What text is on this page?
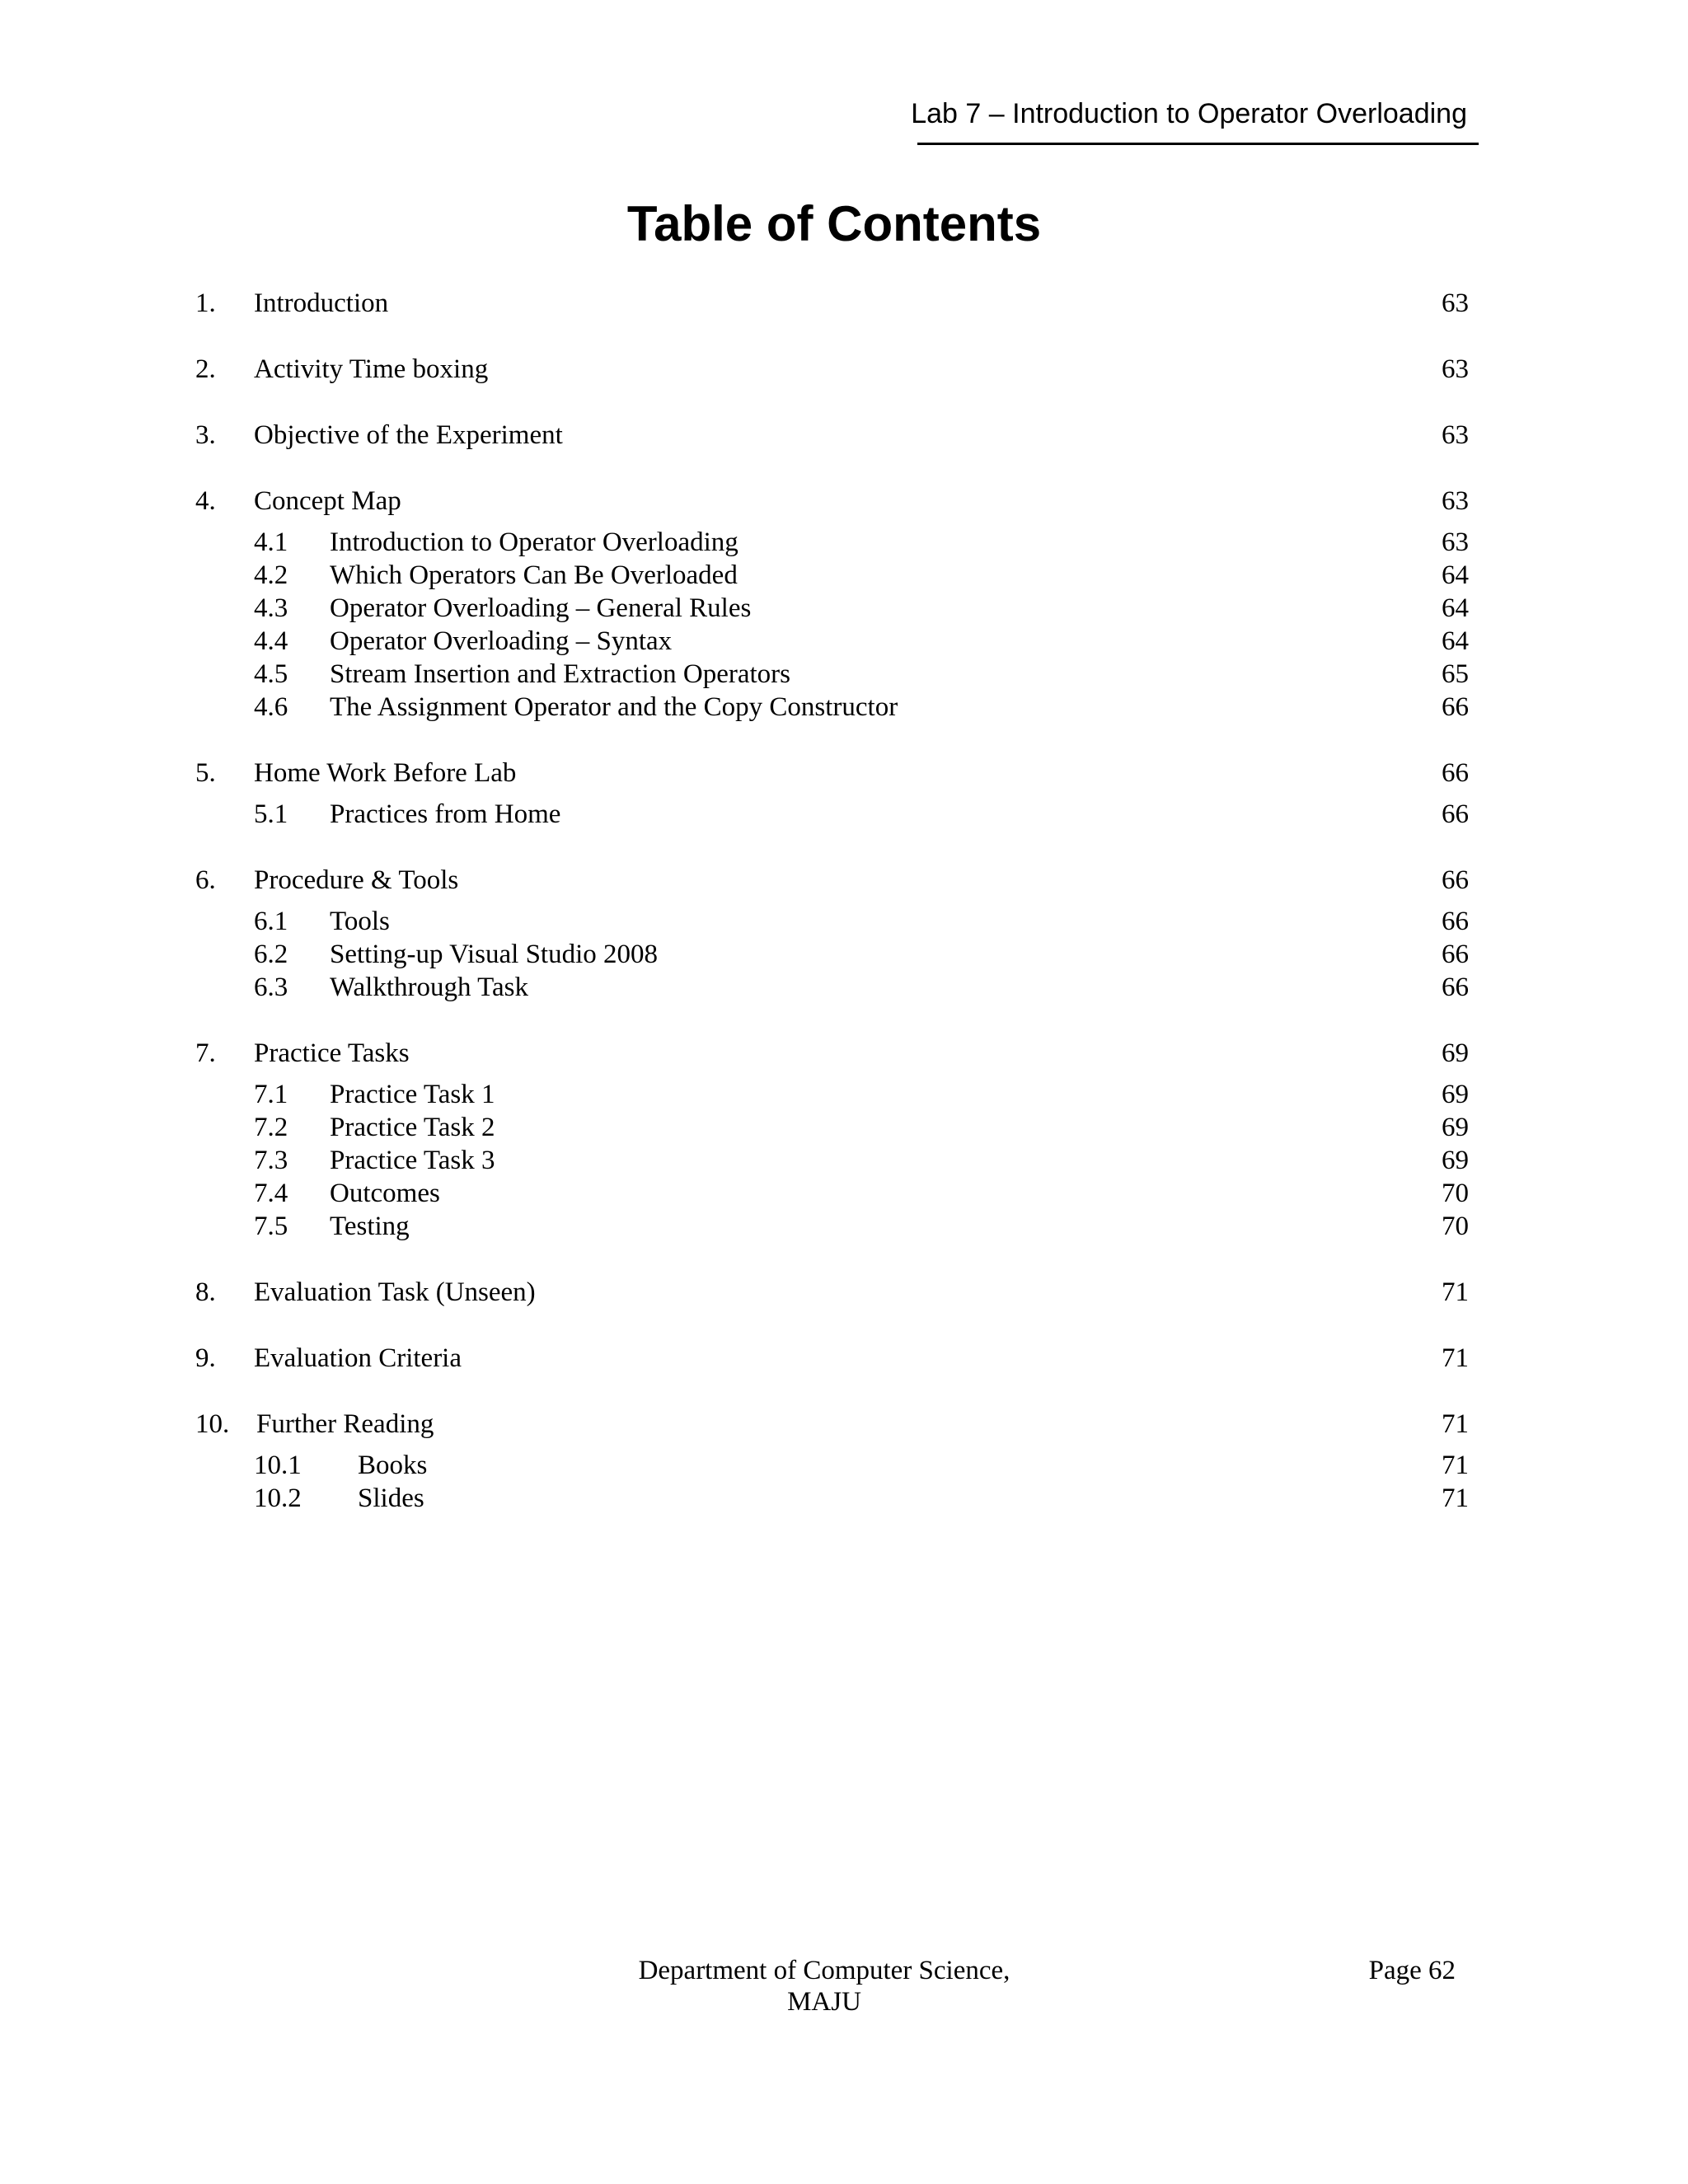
Lab 7 – Introduction to Operator Overloading
Table of Contents
1. Introduction	63
2. Activity Time boxing	63
3. Objective of the Experiment	63
4. Concept Map	63
4.1 Introduction to Operator Overloading	63
4.2 Which Operators Can Be Overloaded	64
4.3 Operator Overloading – General Rules	64
4.4 Operator Overloading – Syntax	64
4.5 Stream Insertion and Extraction Operators	65
4.6 The Assignment Operator and the Copy Constructor	66
5. Home Work Before Lab	66
5.1 Practices from Home	66
6. Procedure & Tools	66
6.1 Tools	66
6.2 Setting-up Visual Studio 2008	66
6.3 Walkthrough Task	66
7. Practice Tasks	69
7.1 Practice Task 1	69
7.2 Practice Task 2	69
7.3 Practice Task 3	69
7.4 Outcomes	70
7.5 Testing	70
8. Evaluation Task (Unseen)	71
9. Evaluation Criteria	71
10. Further Reading	71
10.1 Books	71
10.2 Slides	71
Department of Computer Science,
MAJU
Page 62
